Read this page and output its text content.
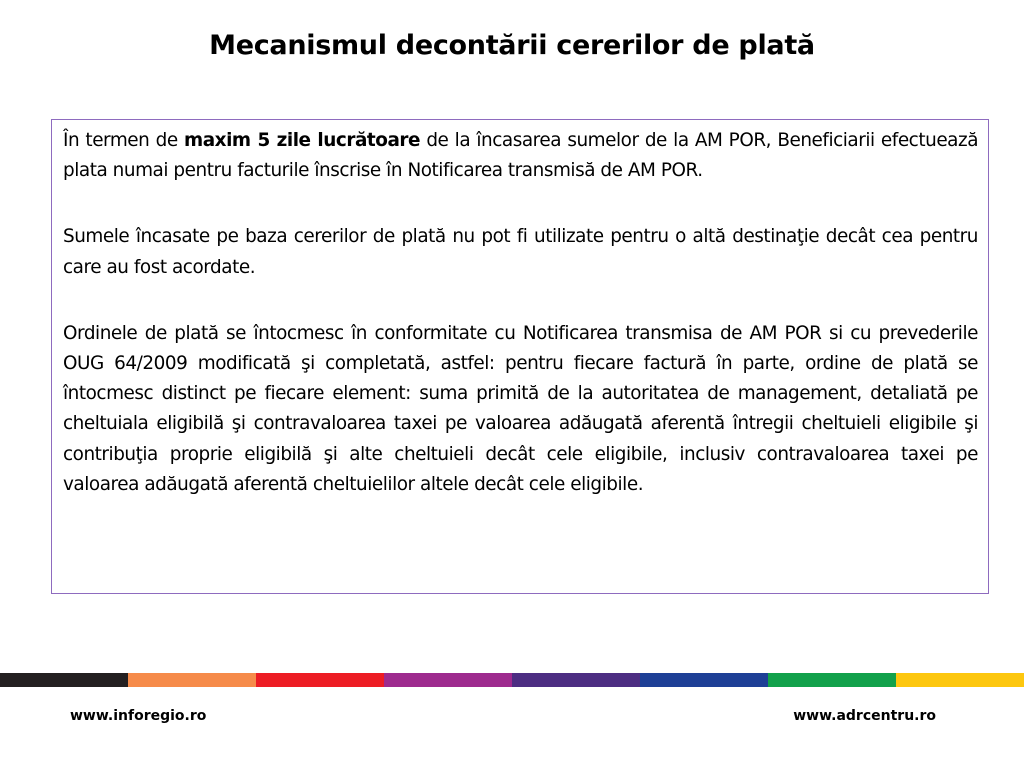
Mecanismul decontării cererilor de plată

În termen de maxim 5 zile lucrătoare de la încasarea sumelor de la AM POR, Beneficiarii efectuează plata numai pentru facturile înscrise în Notificarea transmisă de AM POR.

Sumele încasate pe baza cererilor de plată nu pot fi utilizate pentru o altă destinaţie decât cea pentru care au fost acordate.

Ordinele de plată se întocmesc în conformitate cu Notificarea transmisa de AM POR si cu prevederile OUG 64/2009 modificată şi completată, astfel: pentru fiecare factură în parte, ordine de plată se întocmesc distinct pe fiecare element: suma primită de la autoritatea de management, detaliată pe cheltuiala eligibilă şi contravaloarea taxei pe valoarea adăugată aferentă întregii cheltuieli eligibile şi contribuţia proprie eligibilă şi alte cheltuieli decât cele eligibile, inclusiv contravaloarea taxei pe valoarea adăugată aferentă cheltuielilor altele decât cele eligibile.

www.inforegio.ro	www.adrcentru.ro
